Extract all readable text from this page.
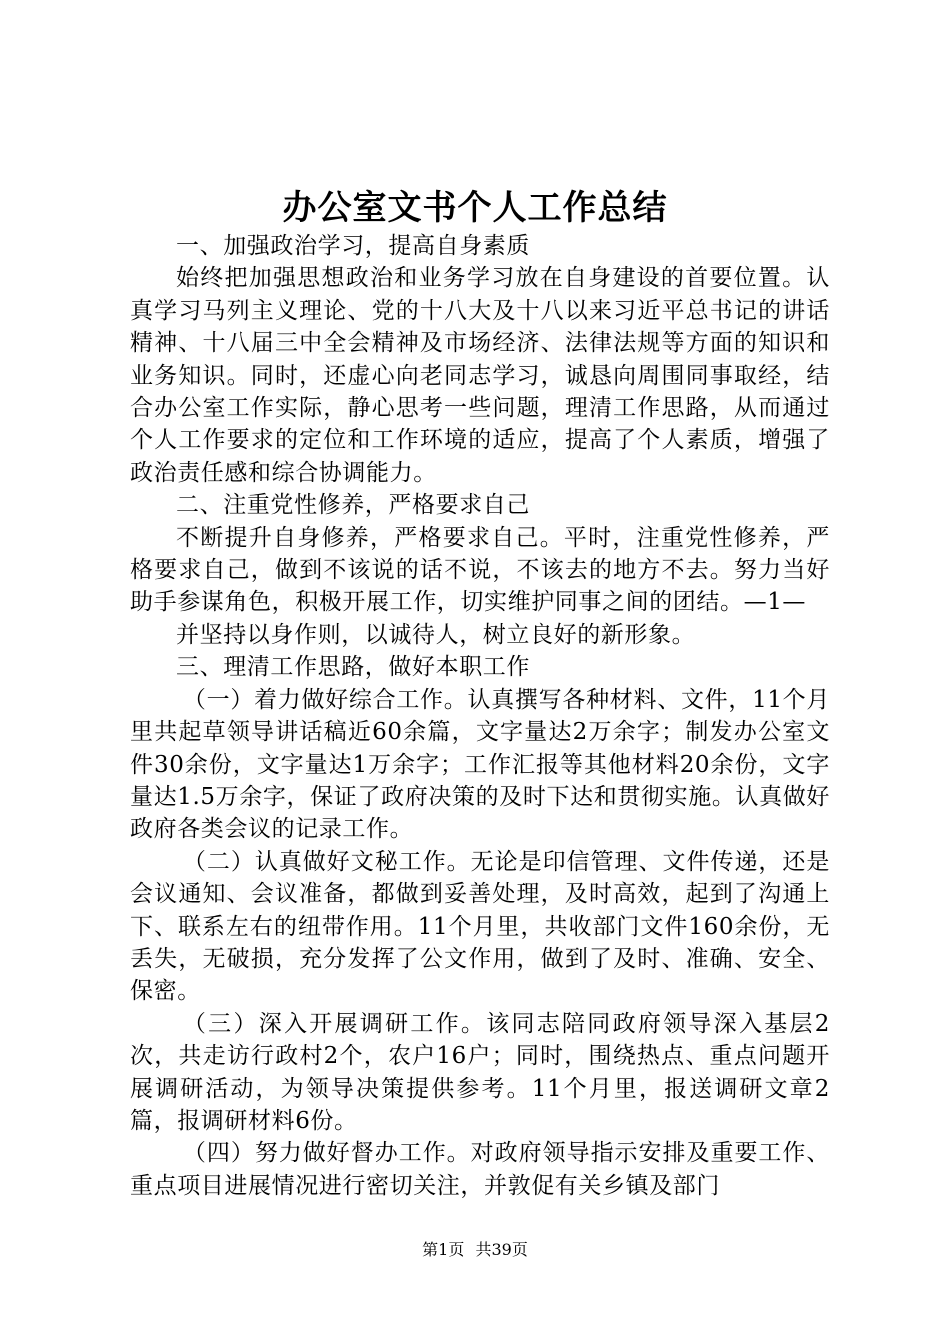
办公室文书个人工作总结

一、加强政治学习，提高自身素质

始终把加强思想政治和业务学习放在自身建设的首要位置。认真学习马列主义理论、党的十八大及十八以来习近平总书记的讲话精神、十八届三中全会精神及市场经济、法律法规等方面的知识和业务知识。同时，还虚心向老同志学习，诚恳向周围同事取经，结合办公室工作实际，静心思考一些问题，理清工作思路，从而通过个人工作要求的定位和工作环境的适应，提高了个人素质，增强了政治责任感和综合协调能力。

二、注重党性修养，严格要求自己

不断提升自身修养，严格要求自己。平时，注重党性修养，严格要求自己，做到不该说的话不说，不该去的地方不去。努力当好助手参谋角色，积极开展工作，切实维护同事之间的团结。—1—

并坚持以身作则，以诚待人，树立良好的新形象。

三、理清工作思路，做好本职工作

（一）着力做好综合工作。认真撰写各种材料、文件，11个月里共起草领导讲话稿近60余篇，文字量达2万余字；制发办公室文件30余份，文字量达1万余字；工作汇报等其他材料20余份，文字量达1.5万余字，保证了政府决策的及时下达和贯彻实施。认真做好政府各类会议的记录工作。

（二）认真做好文秘工作。无论是印信管理、文件传递，还是会议通知、会议准备，都做到妥善处理，及时高效，起到了沟通上下、联系左右的纽带作用。11个月里，共收部门文件160余份，无丢失，无破损，充分发挥了公文作用，做到了及时、准确、安全、保密。

（三）深入开展调研工作。该同志陪同政府领导深入基层2次，共走访行政村2个，农户16户；同时，围绕热点、重点问题开展调研活动，为领导决策提供参考。11个月里，报送调研文章2篇，报调研材料6份。

（四）努力做好督办工作。对政府领导指示安排及重要工作、重点项目进展情况进行密切关注，并敦促有关乡镇及部门

第1页 共39页
